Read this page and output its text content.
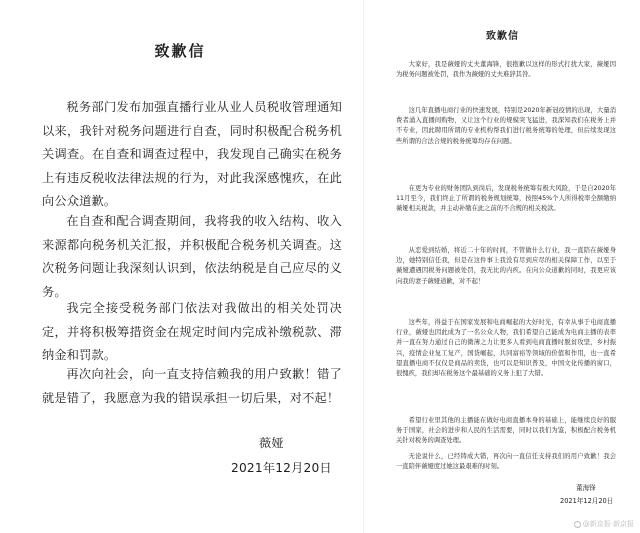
致歉信

税务部门发布加强直播行业从业人员税收管理通知以来，我针对税务问题进行自查，同时积极配合税务机关调查。在自查和调查过程中，我发现自己确实在税务上有违反税收法律法规的行为，对此我深感愧疚，在此向公众道歉。

在自查和配合调查期间，我将我的收入结构、收入来源都向税务机关汇报，并积极配合税务机关调查。这次税务问题让我深刻认识到，依法纳税是自己应尽的义务。

我完全接受税务部门依法对我做出的相关处罚决定，并将积极筹措资金在规定时间内完成补缴税款、滞纳金和罚款。

再次向社会，向一直支持信赖我的用户致歉！错了就是错了，我愿意为我的错误承担一切后果，对不起！

薇娅
2021年12月20日
致歉信

大家好，我是薇娅的丈夫董海锋，很抱歉以这样的形式打扰大家，薇娅因为税务问题被处罚，我作为薇娅的丈夫难辞其咎。

这几年直播电商行业的快速发展，特别是2020年新冠疫情的出现，大量消费者涌入直播间购物，又让这个行业的规模突飞猛进，我深知我们在税务上并不专业，因此聘用所谓的专业机构帮我们进行税务统筹的处理，但后续发现这些所谓的合法合规的税务统筹均存在问题。

在更为专业的财务团队到岗后，发现税务统筹有极大风险，于是自2020年11月至今，我们终止了所谓的税务规划统筹，按照45%个人所得税率全额缴纳薇娅相关税款，并主动补缴在此之前的不合规的相关税款。

从恋爱到结婚，将近二十年的时间，不管做什么行业，我一直陪在薇娅身边，她特别信任我，但是在这件事上我没有尽到应尽的相关保障工作，以至于薇娅遭遇因税务问题被处罚，我无比的内疚。在向公众道歉的同时，我更应该向我的妻子薇娅道歉，对不起！

这些年，得益于在国家发展和电商崛起的大好时光，有幸从事于电商直播行业，薇娅也因此成为了一名公众人物，我们希望自己能成为电商主播的表率并一直在努力通过自己的微薄之力让更多人看到电商直播时脱贫攻坚，乡村振兴，疫情企业复工复产，国货崛起，共同富裕等领域的价值和作用，也一直希望直播电商不仅仅是商品的卖货，也可以是知识普及，中国文化传播的窗口，很愧疚，我们却在税务这个最基础的义务上犯了大错。

希望行业里其他的主播能在做好电商直播本身的基础上，能继续良好的服务于国家，社会的进步和人民的生活需要，同时以我们为鉴，积极配合税务机关针对税务的调查处理。

无论说什么，已经铸成大错，再次向一直信任支持我们的用户致歉！我会一直陪伴薇娅度过她这最艰难的时刻。

董海锋
2021年12月20日
@新京报·新京报
